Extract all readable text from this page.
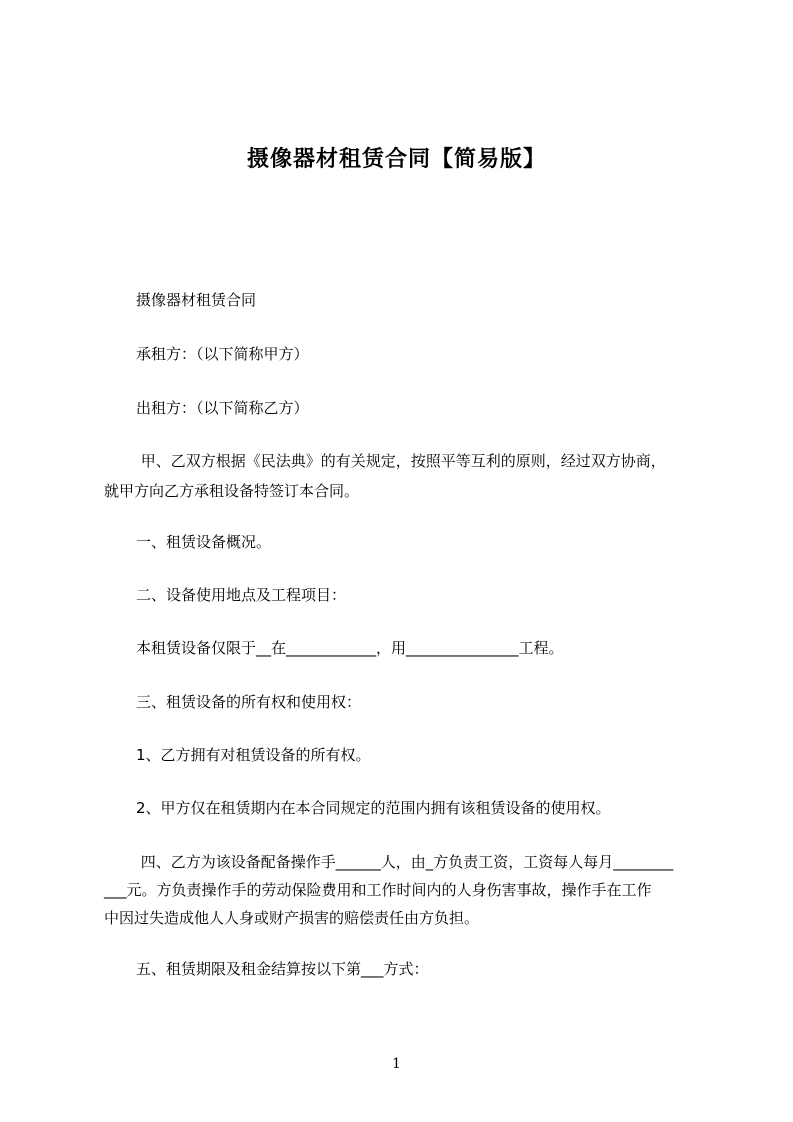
摄像器材租赁合同【简易版】
摄像器材租赁合同
承租方：（以下简称甲方）
出租方：（以下简称乙方）
甲、乙双方根据《民法典》的有关规定，按照平等互利的原则，经过双方协商，
就甲方向乙方承租设备特签订本合同。
一、租赁设备概况。
二、设备使用地点及工程项目：
本租赁设备仅限于__在____________，用_______________工程。
三、租赁设备的所有权和使用权：
1、乙方拥有对租赁设备的所有权。
2、甲方仅在租赁期内在本合同规定的范围内拥有该租赁设备的使用权。
四、乙方为该设备配备操作手______人，由_方负责工资，工资每人每月________
___元。方负责操作手的劳动保险费用和工作时间内的人身伤害事故，操作手在工作
中因过失造成他人人身或财产损害的赔偿责任由方负担。
五、租赁期限及租金结算按以下第___方式：
1
